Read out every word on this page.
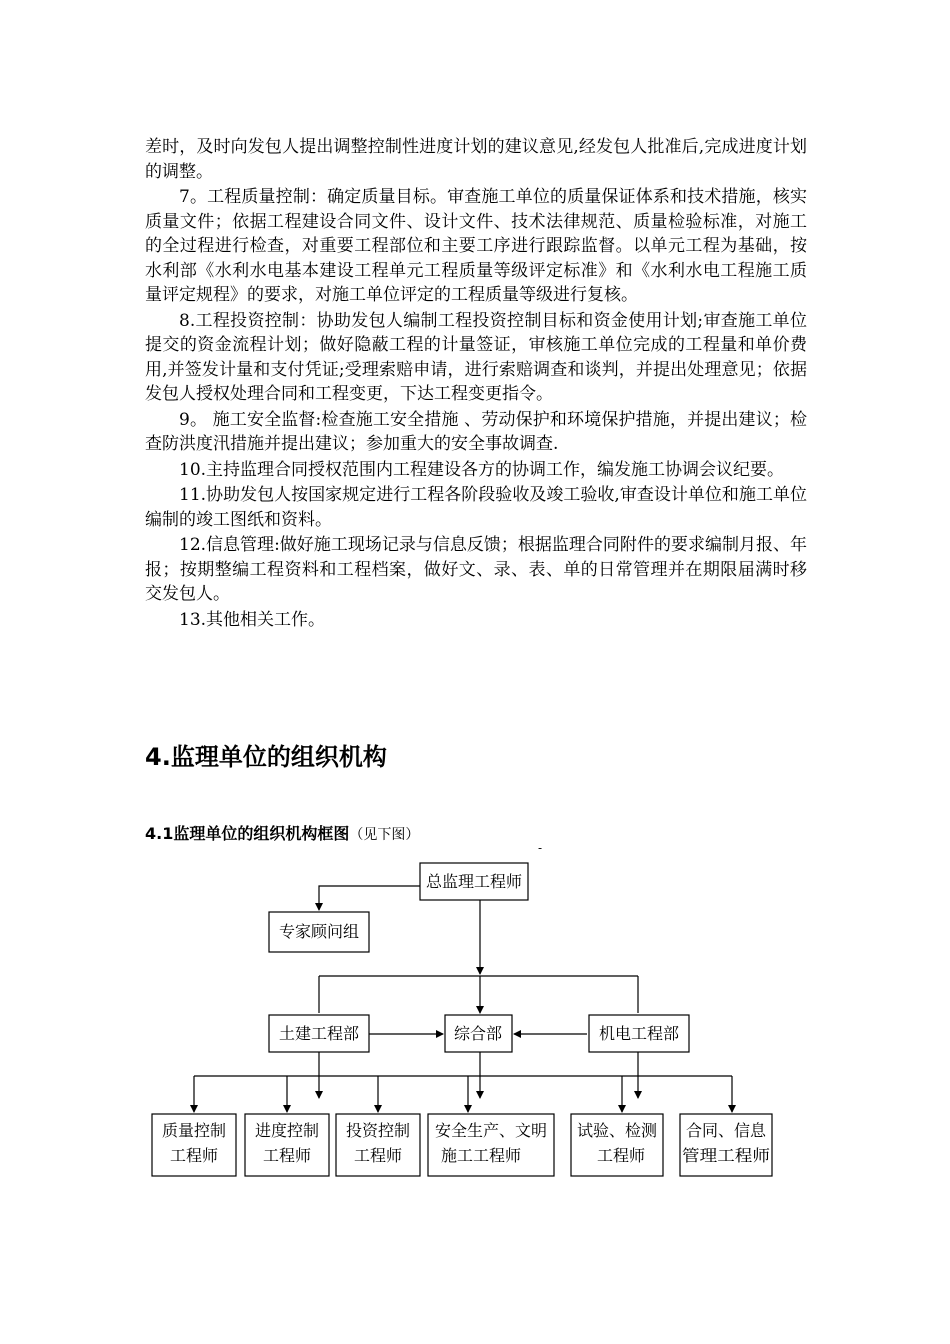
差时，及时向发包人提出调整控制性进度计划的建议意见,经发包人批准后,完成进度计划的调整。

7。工程质量控制：确定质量目标。审查施工单位的质量保证体系和技术措施，核实质量文件；依据工程建设合同文件、设计文件、技术法律规范、质量检验标准，对施工的全过程进行检查，对重要工程部位和主要工序进行跟踪监督。以单元工程为基础，按水利部《水利水电基本建设工程单元工程质量等级评定标准》和《水利水电工程施工质量评定规程》的要求，对施工单位评定的工程质量等级进行复核。

8.工程投资控制：协助发包人编制工程投资控制目标和资金使用计划;审查施工单位提交的资金流程计划；做好隐蔽工程的计量签证，审核施工单位完成的工程量和单价费用,并签发计量和支付凭证;受理索赔申请，进行索赔调查和谈判，并提出处理意见；依据发包人授权处理合同和工程变更，下达工程变更指令。

9。 施工安全监督:检查施工安全措施 、劳动保护和环境保护措施，并提出建议；检查防洪度汛措施并提出建议；参加重大的安全事故调查.

10.主持监理合同授权范围内工程建设各方的协调工作，编发施工协调会议纪要。

11.协助发包人按国家规定进行工程各阶段验收及竣工验收,审查设计单位和施工单位编制的竣工图纸和资料。

12.信息管理:做好施工现场记录与信息反馈；根据监理合同附件的要求编制月报、年报；按期整编工程资料和工程档案，做好文、录、表、单的日常管理并在期限届满时移交发包人。

13.其他相关工作。

4.监理单位的组织机构

4.1监理单位的组织机构框图（见下图）

-
总监理工程师
专家顾问组
土建工程部	综合部	机电工程部
质量控制
工程师
进度控制
工程师
投资控制
工程师
安全生产、文明
施工工程师
试验、检测
工程师
合同、信息
管理工程师
